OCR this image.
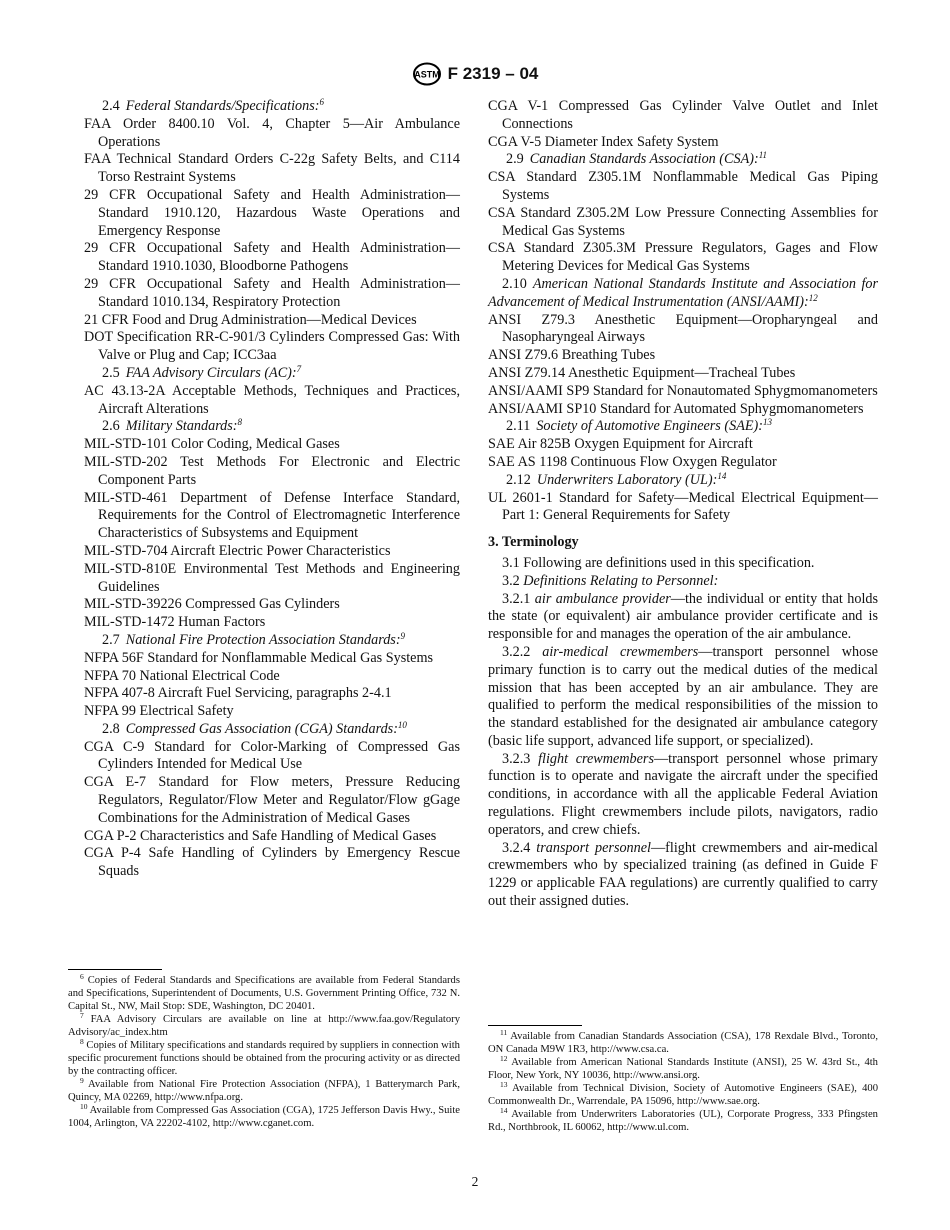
ASTM F 2319 – 04
2.4 Federal Standards/Specifications:$^6$
FAA Order 8400.10 Vol. 4, Chapter 5—Air Ambulance Operations
FAA Technical Standard Orders C-22g Safety Belts, and C114 Torso Restraint Systems
29 CFR Occupational Safety and Health Administration—Standard 1910.120, Hazardous Waste Operations and Emergency Response
29 CFR Occupational Safety and Health Administration—Standard 1910.1030, Bloodborne Pathogens
29 CFR Occupational Safety and Health Administration—Standard 1010.134, Respiratory Protection
21 CFR Food and Drug Administration—Medical Devices
DOT Specification RR-C-901/3 Cylinders Compressed Gas: With Valve or Plug and Cap; ICC3aa
2.5 FAA Advisory Circulars (AC):$^7$
AC 43.13-2A Acceptable Methods, Techniques and Practices, Aircraft Alterations
2.6 Military Standards:$^8$
MIL-STD-101 Color Coding, Medical Gases
MIL-STD-202 Test Methods For Electronic and Electric Component Parts
MIL-STD-461 Department of Defense Interface Standard, Requirements for the Control of Electromagnetic Interference Characteristics of Subsystems and Equipment
MIL-STD-704 Aircraft Electric Power Characteristics
MIL-STD-810E Environmental Test Methods and Engineering Guidelines
MIL-STD-39226 Compressed Gas Cylinders
MIL-STD-1472 Human Factors
2.7 National Fire Protection Association Standards:$^9$
NFPA 56F Standard for Nonflammable Medical Gas Systems
NFPA 70 National Electrical Code
NFPA 407-8 Aircraft Fuel Servicing, paragraphs 2-4.1
NFPA 99 Electrical Safety
2.8 Compressed Gas Association (CGA) Standards:$^{10}$
CGA C-9 Standard for Color-Marking of Compressed Gas Cylinders Intended for Medical Use
CGA E-7 Standard for Flow meters, Pressure Reducing Regulators, Regulator/Flow Meter and Regulator/Flow gGage Combinations for the Administration of Medical Gases
CGA P-2 Characteristics and Safe Handling of Medical Gases
CGA P-4 Safe Handling of Cylinders by Emergency Rescue Squads
CGA V-1 Compressed Gas Cylinder Valve Outlet and Inlet Connections
CGA V-5 Diameter Index Safety System
2.9 Canadian Standards Association (CSA):$^{11}$
CSA Standard Z305.1M Nonflammable Medical Gas Piping Systems
CSA Standard Z305.2M Low Pressure Connecting Assemblies for Medical Gas Systems
CSA Standard Z305.3M Pressure Regulators, Gages and Flow Metering Devices for Medical Gas Systems
2.10 American National Standards Institute and Association for Advancement of Medical Instrumentation (ANSI/AAMI):$^{12}$
ANSI Z79.3 Anesthetic Equipment—Oropharyngeal and Nasopharyngeal Airways
ANSI Z79.6 Breathing Tubes
ANSI Z79.14 Anesthetic Equipment—Tracheal Tubes
ANSI/AAMI SP9 Standard for Nonautomated Sphygmomanometers
ANSI/AAMI SP10 Standard for Automated Sphygmomanometers
2.11 Society of Automotive Engineers (SAE):$^{13}$
SAE Air 825B Oxygen Equipment for Aircraft
SAE AS 1198 Continuous Flow Oxygen Regulator
2.12 Underwriters Laboratory (UL):$^{14}$
UL 2601-1 Standard for Safety—Medical Electrical Equipment—Part 1: General Requirements for Safety
3. Terminology
3.1 Following are definitions used in this specification.
3.2 Definitions Relating to Personnel:
3.2.1 air ambulance provider—the individual or entity that holds the state (or equivalent) air ambulance provider certificate and is responsible for and manages the operation of the air ambulance.
3.2.2 air-medical crewmembers—transport personnel whose primary function is to carry out the medical duties of the medical mission that has been accepted by an air ambulance. They are qualified to perform the medical responsibilities of the mission to the standard established for the designated air ambulance category (basic life support, advanced life support, or specialized).
3.2.3 flight crewmembers—transport personnel whose primary function is to operate and navigate the aircraft under the specified conditions, in accordance with all the applicable Federal Aviation regulations. Flight crewmembers include pilots, navigators, radio operators, and crew chiefs.
3.2.4 transport personnel—flight crewmembers and air-medical crewmembers who by specialized training (as defined in Guide F 1229 or applicable FAA regulations) are currently qualified to carry out their assigned duties.
$^6$ Copies of Federal Standards and Specifications are available from Federal Standards and Specifications, Superintendent of Documents, U.S. Government Printing Office, 732 N. Capital St., NW, Mail Stop: SDE, Washington, DC 20401.
$^7$ FAA Advisory Circulars are available on line at http://www.faa.gov/Regulatory Advisory/ac_index.htm
$^8$ Copies of Military specifications and standards required by suppliers in connection with specific procurement functions should be obtained from the procuring activity or as directed by the contracting officer.
$^9$ Available from National Fire Protection Association (NFPA), 1 Batterymarch Park, Quincy, MA 02269, http://www.nfpa.org.
$^{10}$ Available from Compressed Gas Association (CGA), 1725 Jefferson Davis Hwy., Suite 1004, Arlington, VA 22202-4102, http://www.cganet.com.
$^{11}$ Available from Canadian Standards Association (CSA), 178 Rexdale Blvd., Toronto, ON Canada M9W 1R3, http://www.csa.ca.
$^{12}$ Available from American National Standards Institute (ANSI), 25 W. 43rd St., 4th Floor, New York, NY 10036, http://www.ansi.org.
$^{13}$ Available from Technical Division, Society of Automotive Engineers (SAE), 400 Commonwealth Dr., Warrendale, PA 15096, http://www.sae.org.
$^{14}$ Available from Underwriters Laboratories (UL), Corporate Progress, 333 Pfingsten Rd., Northbrook, IL 60062, http://www.ul.com.
2
